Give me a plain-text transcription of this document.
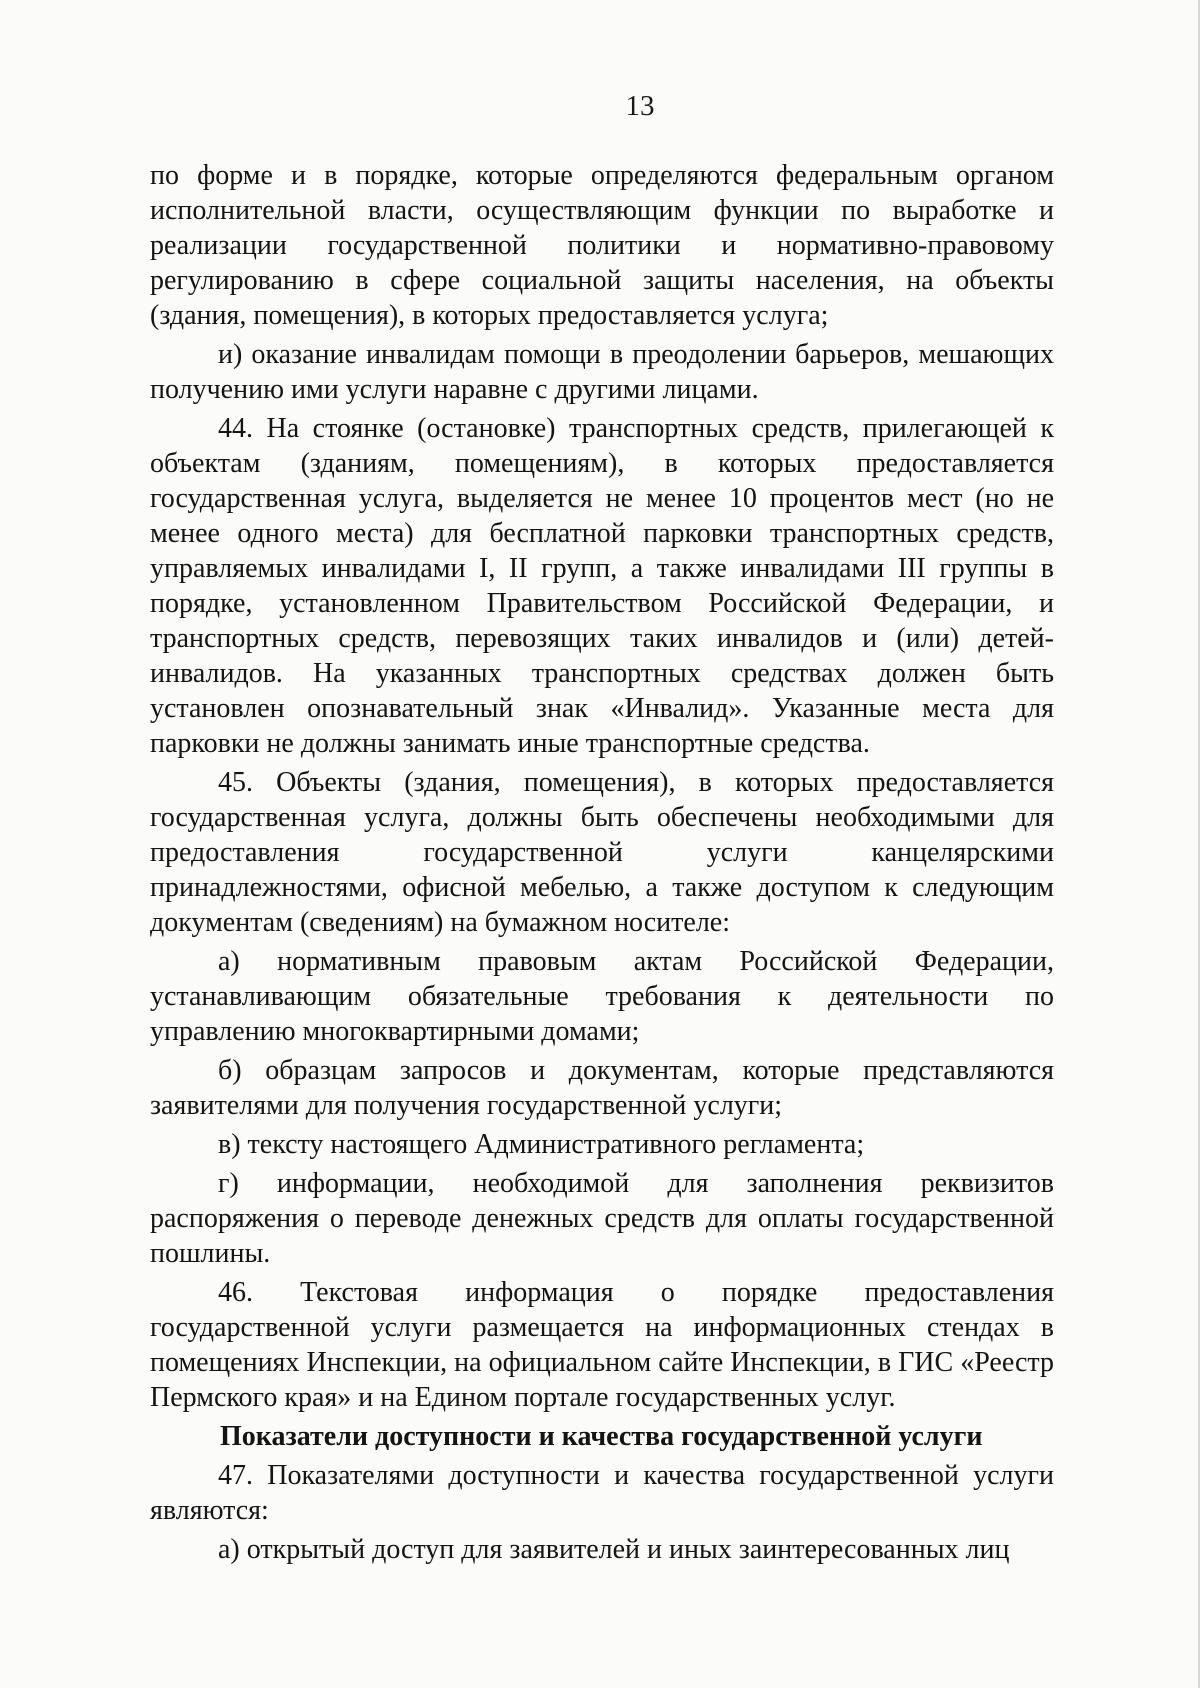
13

по форме и в порядке, которые определяются федеральным органом исполнительной власти, осуществляющим функции по выработке и реализации государственной политики и нормативно-правовому регулированию в сфере социальной защиты населения, на объекты (здания, помещения), в которых предоставляется услуга;

и) оказание инвалидам помощи в преодолении барьеров, мешающих получению ими услуги наравне с другими лицами.

44. На стоянке (остановке) транспортных средств, прилегающей к объектам (зданиям, помещениям), в которых предоставляется государственная услуга, выделяется не менее 10 процентов мест (но не менее одного места) для бесплатной парковки транспортных средств, управляемых инвалидами I, II групп, а также инвалидами III группы в порядке, установленном Правительством Российской Федерации, и транспортных средств, перевозящих таких инвалидов и (или) детей-инвалидов. На указанных транспортных средствах должен быть установлен опознавательный знак «Инвалид». Указанные места для парковки не должны занимать иные транспортные средства.

45. Объекты (здания, помещения), в которых предоставляется государственная услуга, должны быть обеспечены необходимыми для предоставления государственной услуги канцелярскими принадлежностями, офисной мебелью, а также доступом к следующим документам (сведениям) на бумажном носителе:

а) нормативным правовым актам Российской Федерации, устанавливающим обязательные требования к деятельности по управлению многоквартирными домами;

б) образцам запросов и документам, которые представляются заявителями для получения государственной услуги;

в) тексту настоящего Административного регламента;

г) информации, необходимой для заполнения реквизитов распоряжения о переводе денежных средств для оплаты государственной пошлины.

46. Текстовая информация о порядке предоставления государственной услуги размещается на информационных стендах в помещениях Инспекции, на официальном сайте Инспекции, в ГИС «Реестр Пермского края» и на Едином портале государственных услуг.

Показатели доступности и качества государственной услуги

47. Показателями доступности и качества государственной услуги являются:

а) открытый доступ для заявителей и иных заинтересованных лиц
